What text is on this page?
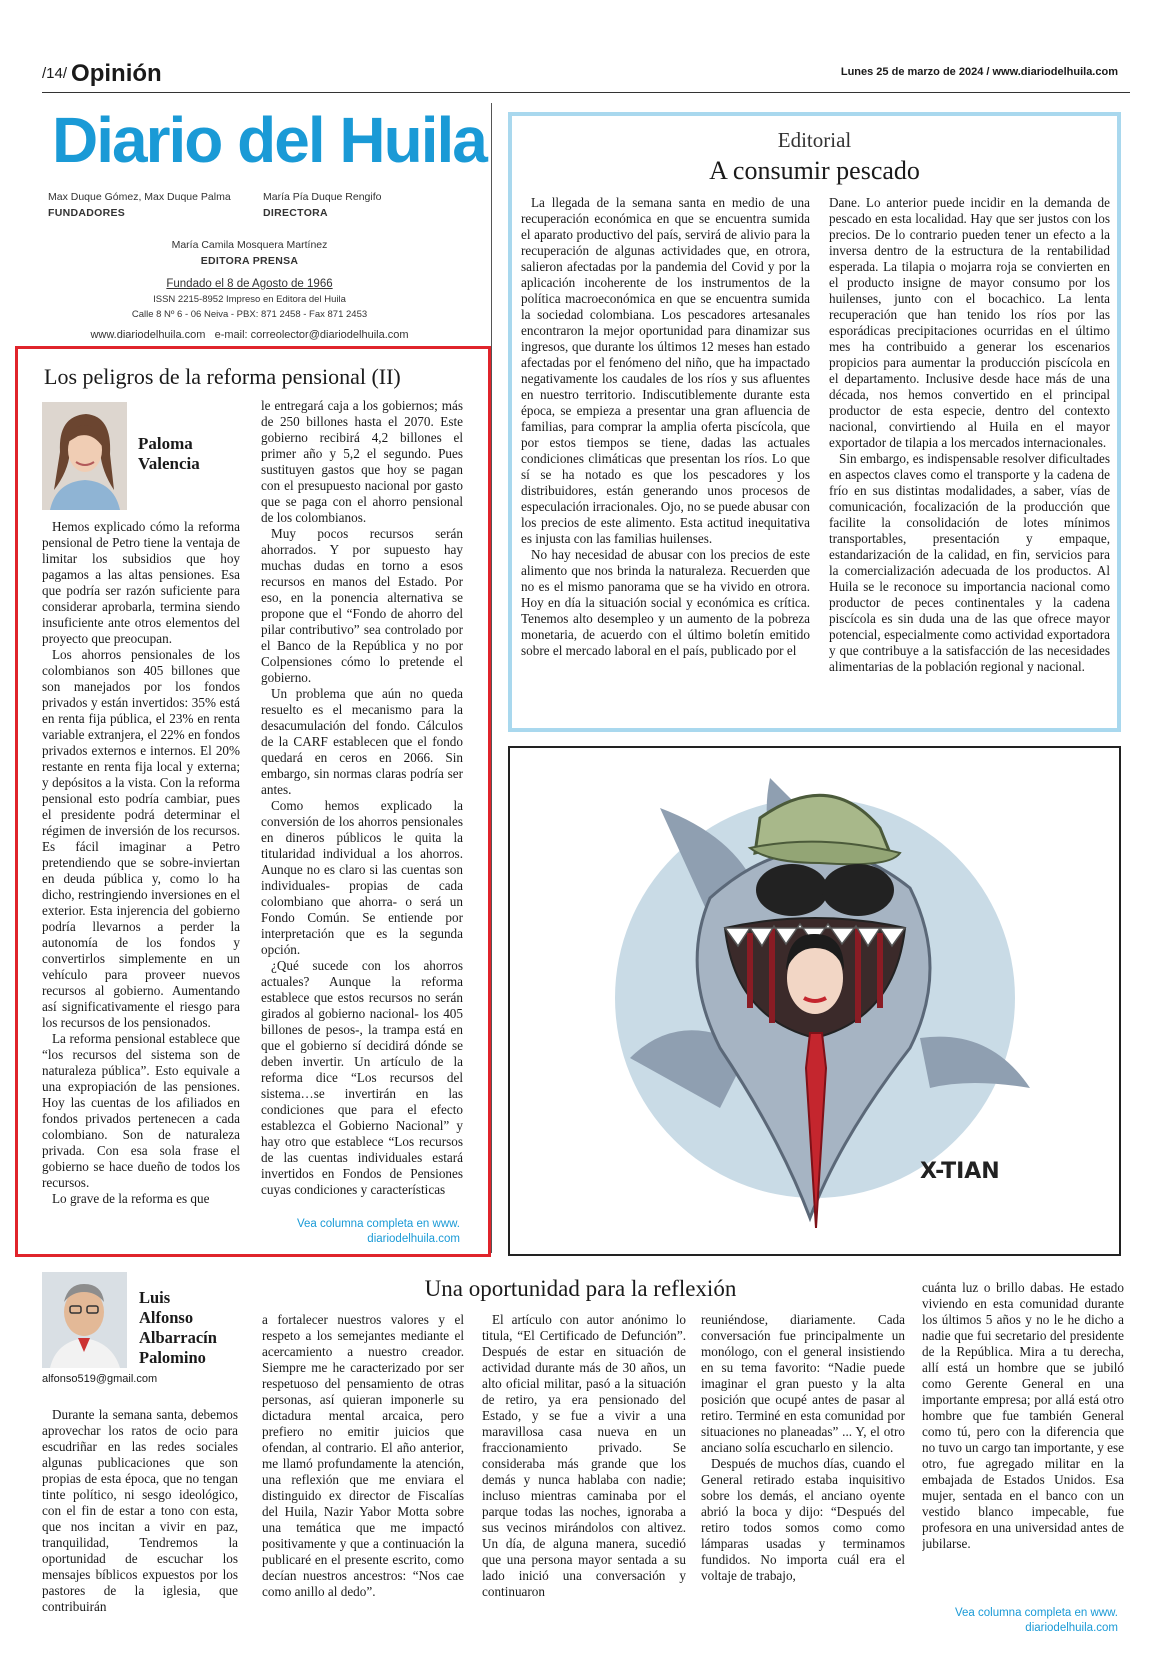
/14/ Opinión	Lunes 25 de marzo de 2024 / www.diariodelhuila.com
Diario del Huila
Max Duque Gómez, Max Duque Palma
FUNDADORES
María Pía Duque Rengifo
DIRECTORA
María Camila Mosquera Martínez
EDITORA PRENSA
Fundado el 8 de Agosto de 1966
ISSN 2215-8952 Impreso en Editora del Huila
Calle 8 Nº 6 - 06 Neiva - PBX: 871 2458 - Fax 871 2453
www.diariodelhuila.com e-mail: correolector@diariodelhuila.com
Los peligros de la reforma pensional (II)
Paloma Valencia

Hemos explicado cómo la reforma pensional de Petro tiene la ventaja de limitar los subsidios que hoy pagamos a las altas pensiones. Esa que podría ser razón suficiente para considerar aprobarla, termina siendo insuficiente ante otros elementos del proyecto que preocupan.

Los ahorros pensionales de los colombianos son 405 billones que son manejados por los fondos privados y están invertidos: 35% está en renta fija pública, el 23% en renta variable extranjera, el 22% en fondos privados externos e internos. El 20% restante en renta fija local y externa; y depósitos a la vista. Con la reforma pensional esto podría cambiar, pues el presidente podrá determinar el régimen de inversión de los recursos. Es fácil imaginar a Petro pretendiendo que se sobre-inviertan en deuda pública y, como lo ha dicho, restringiendo inversiones en el exterior. Esta injerencia del gobierno podría llevarnos a perder la autonomía de los fondos y convertirlos simplemente en un vehículo para proveer nuevos recursos al gobierno. Aumentando así significativamente el riesgo para los recursos de los pensionados.

La reforma pensional establece que “los recursos del sistema son de naturaleza pública”. Esto equivale a una expropiación de las pensiones. Hoy las cuentas de los afiliados en fondos privados pertenecen a cada colombiano. Son de naturaleza privada. Con esa sola frase el gobierno se hace dueño de todos los recursos.

Lo grave de la reforma es que

le entregará caja a los gobiernos; más de 250 billones hasta el 2070. Este gobierno recibirá 4,2 billones el primer año y 5,2 el segundo. Pues sustituyen gastos que hoy se pagan con el presupuesto nacional por gasto que se paga con el ahorro pensional de los colombianos.

Muy pocos recursos serán ahorrados. Y por supuesto hay muchas dudas en torno a esos recursos en manos del Estado. Por eso, en la ponencia alternativa se propone que el “Fondo de ahorro del pilar contributivo” sea controlado por el Banco de la República y no por Colpensiones cómo lo pretende el gobierno.

Un problema que aún no queda resuelto es el mecanismo para la desacumulación del fondo. Cálculos de la CARF establecen que el fondo quedará en ceros en 2066. Sin embargo, sin normas claras podría ser antes.

Como hemos explicado la conversión de los ahorros pensionales en dineros públicos le quita la titularidad individual a los ahorros. Aunque no es claro si las cuentas son individuales- propias de cada colombiano que ahorra- o será un Fondo Común. Se entiende por interpretación que es la segunda opción.

¿Qué sucede con los ahorros actuales? Aunque la reforma establece que estos recursos no serán girados al gobierno nacional- los 405 billones de pesos-, la trampa está en que el gobierno sí decidirá dónde se deben invertir. Un artículo de la reforma dice “Los recursos del sistema…se invertirán en las condiciones que para el efecto establezca el Gobierno Nacional” y hay otro que establece “Los recursos de las cuentas individuales estará invertidos en Fondos de Pensiones cuyas condiciones y características

Vea columna completa en www.
diariodelhuila.com
Editorial
A consumir pescado

La llegada de la semana santa en medio de una recuperación económica en que se encuentra sumida el aparato productivo del país, servirá de alivio para la recuperación de algunas actividades que, en otrora, salieron afectadas por la pandemia del Covid y por la aplicación incoherente de los instrumentos de la política macroeconómica en que se encuentra sumida la sociedad colombiana. Los pescadores artesanales encontraron la mejor oportunidad para dinamizar sus ingresos, que durante los últimos 12 meses han estado afectadas por el fenómeno del niño, que ha impactado negativamente los caudales de los ríos y sus afluentes en nuestro territorio. Indiscutiblemente durante esta época, se empieza a presentar una gran afluencia de familias, para comprar la amplia oferta piscícola, que por estos tiempos se tiene, dadas las actuales condiciones climáticas que presentan los ríos. Lo que sí se ha notado es que los pescadores y los distribuidores, están generando unos procesos de especulación irracionales. Ojo, no se puede abusar con los precios de este alimento. Esta actitud inequitativa es injusta con las familias huilenses.

No hay necesidad de abusar con los precios de este alimento que nos brinda la naturaleza. Recuerden que no es el mismo panorama que se ha vivido en otrora. Hoy en día la situación social y económica es crítica. Tenemos alto desempleo y un aumento de la pobreza monetaria, de acuerdo con el último boletín emitido sobre el mercado laboral en el país, publicado por el

Dane. Lo anterior puede incidir en la demanda de pescado en esta localidad. Hay que ser justos con los precios. De lo contrario pueden tener un efecto a la inversa dentro de la estructura de la rentabilidad esperada. La tilapia o mojarra roja se convierten en el producto insigne de mayor consumo por los huilenses, junto con el bocachico. La lenta recuperación que han tenido los ríos por las esporádicas precipitaciones ocurridas en el último mes ha contribuido a generar los escenarios propicios para aumentar la producción piscícola en el departamento. Inclusive desde hace más de una década, nos hemos convertido en el principal productor de esta especie, dentro del contexto nacional, convirtiendo al Huila en el mayor exportador de tilapia a los mercados internacionales.

Sin embargo, es indispensable resolver dificultades en aspectos claves como el transporte y la cadena de frío en sus distintas modalidades, a saber, vías de comunicación, focalización de la producción que facilite la consolidación de lotes mínimos transportables, presentación y empaque, estandarización de la calidad, en fin, servicios para la comercialización adecuada de los productos. Al Huila se le reconoce su importancia nacional como productor de peces continentales y la cadena piscícola es sin duda una de las que ofrece mayor potencial, especialmente como actividad exportadora y que contribuye a la satisfacción de las necesidades alimentarias de la población regional y nacional.

X-TIAN
Luis
Alfonso
Albarracín
Palomino
alfonso519@gmail.com
Una oportunidad para la reflexión

Durante la semana santa, debemos aprovechar los ratos de ocio para escudriñar en las redes sociales algunas publicaciones que son propias de esta época, que no tengan tinte político, ni sesgo ideológico, con el fin de estar a tono con esta, que nos incitan a vivir en paz, tranquilidad, Tendremos la oportunidad de escuchar los mensajes bíblicos expuestos por los pastores de la iglesia, que contribuirán

a fortalecer nuestros valores y el respeto a los semejantes mediante el acercamiento a nuestro creador. Siempre me he caracterizado por ser respetuoso del pensamiento de otras personas, así quieran imponerle su dictadura mental arcaica, pero prefiero no emitir juicios que ofendan, al contrario. El año anterior, me llamó profundamente la atención, una reflexión que me enviara el distinguido ex director de Fiscalías del Huila, Nazir Yabor Motta sobre una temática que me impactó positivamente y que a continuación la publicaré en el presente escrito, como decían nuestros ancestros: “Nos cae como anillo al dedo”.

El artículo con autor anónimo lo titula, “El Certificado de Defunción”. Después de estar en situación de actividad durante más de 30 años, un alto oficial militar, pasó a la situación de retiro, ya era pensionado del Estado, y se fue a vivir a una maravillosa casa nueva en un fraccionamiento privado. Se consideraba más grande que los demás y nunca hablaba con nadie; incluso mientras caminaba por el parque todas las noches, ignoraba a sus vecinos mirándolos con altivez. Un día, de alguna manera, sucedió que una persona mayor sentada a su lado inició una conversación y continuaron

reuniéndose, diariamente. Cada conversación fue principalmente un monólogo, con el general insistiendo en su tema favorito: “Nadie puede imaginar el gran puesto y la alta posición que ocupé antes de pasar al retiro. Terminé en esta comunidad por situaciones no planeadas” ... Y, el otro anciano solía escucharlo en silencio.

Después de muchos días, cuando el General retirado estaba inquisitivo sobre los demás, el anciano oyente abrió la boca y dijo: “Después del retiro todos somos como como lámparas usadas y terminamos fundidos. No importa cuál era el voltaje de trabajo,

cuánta luz o brillo dabas. He estado viviendo en esta comunidad durante los últimos 5 años y no le he dicho a nadie que fui secretario del presidente de la República. Mira a tu derecha, allí está un hombre que se jubiló como Gerente General en una importante empresa; por allá está otro hombre que fue también General como tú, pero con la diferencia que no tuvo un cargo tan importante, y ese otro, fue agregado militar en la embajada de Estados Unidos. Esa mujer, sentada en el banco con un vestido blanco impecable, fue profesora en una universidad antes de jubilarse.

Vea columna completa en www.
diariodelhuila.com
